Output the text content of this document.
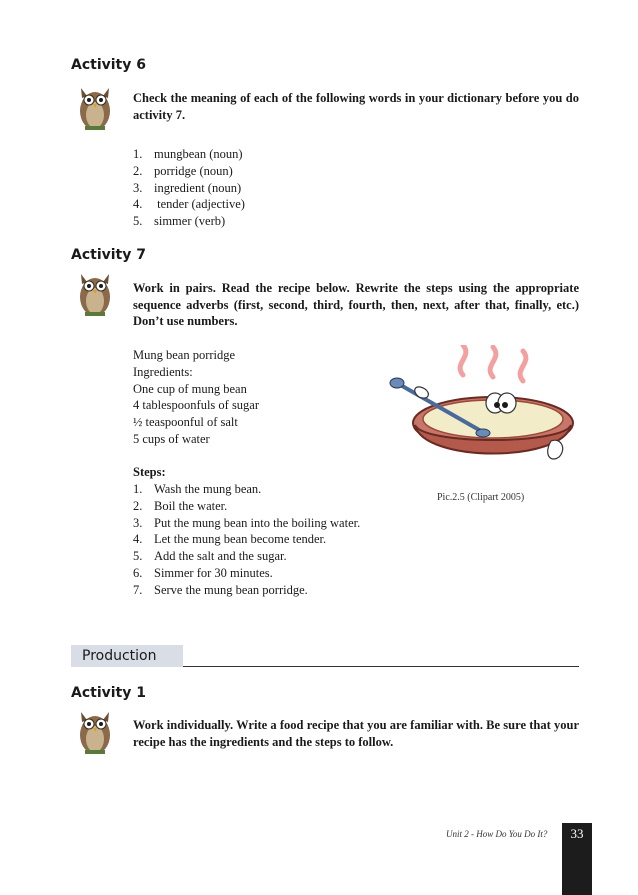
Activity 6
Check the meaning of each of the following words in your dictionary before you do activity 7.
1. mungbean (noun)
2. porridge (noun)
3. ingredient (noun)
4. tender (adjective)
5. simmer (verb)
Activity 7
Work in pairs. Read the recipe below. Rewrite the steps using the appropriate sequence adverbs (first, second, third, fourth, then, next, after that, finally, etc.) Don’t use numbers.
Mung bean porridge
Ingredients:
One cup of mung bean
4 tablespoonfuls of sugar
½ teaspoonful of salt
5 cups of water
Steps:
1. Wash the mung bean.
2. Boil the water.
3. Put the mung bean into the boiling water.
4. Let the mung bean become tender.
5. Add the salt and the sugar.
6. Simmer for 30 minutes.
7. Serve the mung bean porridge.
Pic.2.5 (Clipart 2005)
Production
Activity 1
Work individually. Write a food recipe that you are familiar with. Be sure that your recipe has the ingredients and the steps to follow.
Unit 2 - How Do You Do It?	33
